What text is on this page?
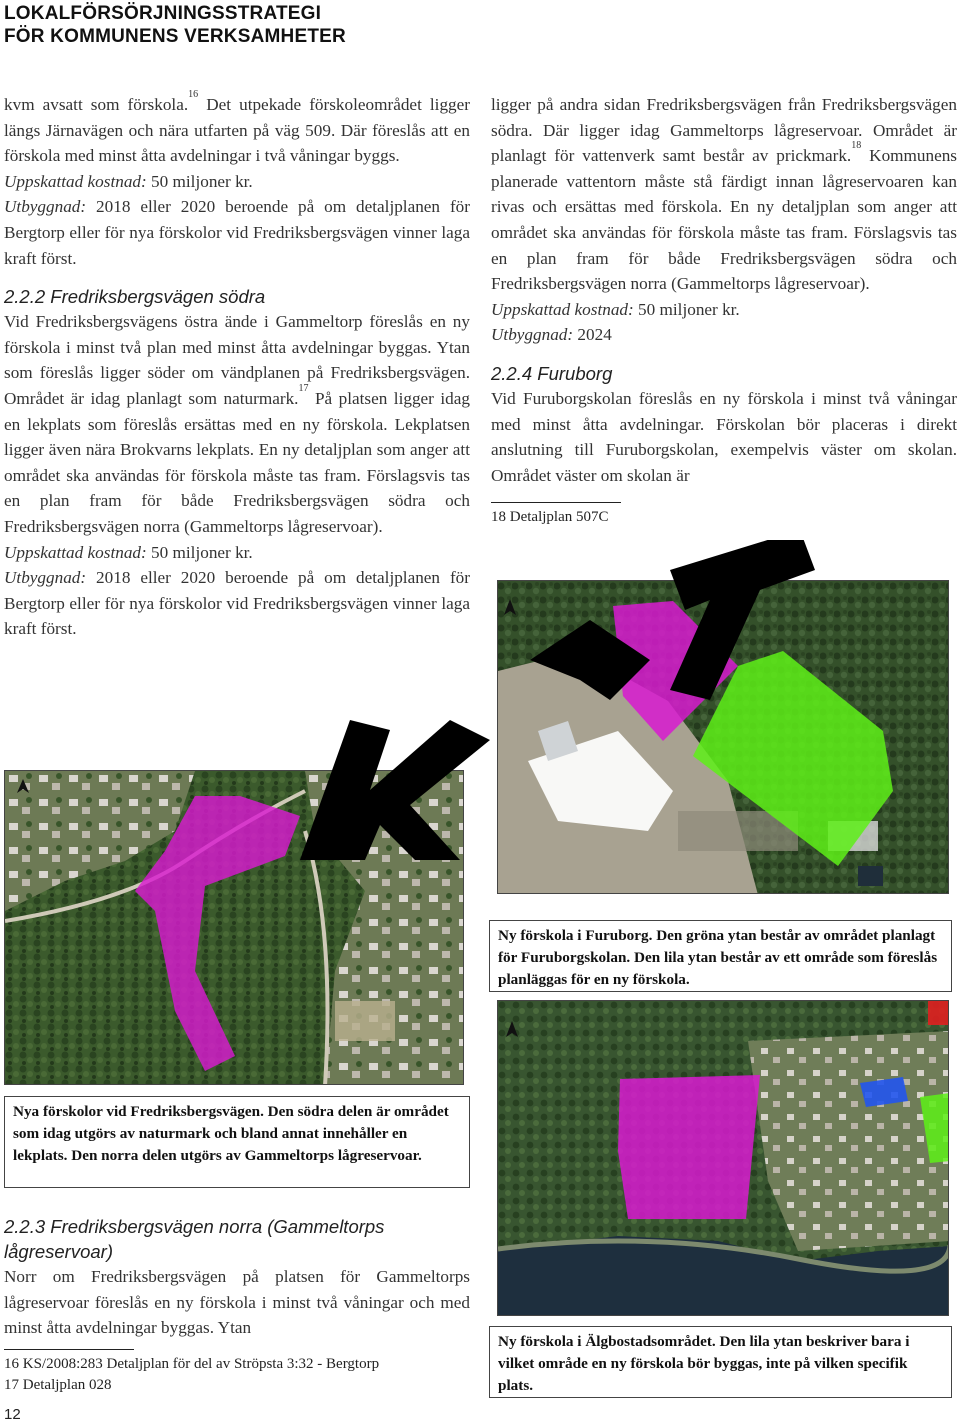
LOKALFÖRSÖRJNINGSSTRATEGI
FÖR KOMMUNENS VERKSAMHETER

kvm avsatt som förskola.$^{16}$ Det utpekade förskoleområdet ligger längs Järnavägen och nära utfarten på väg 509. Där föreslås att en förskola med minst åtta avdelningar i två våningar byggs.

Uppskattad kostnad: 50 miljoner kr.

Utbyggnad: 2018 eller 2020 beroende på om detaljplanen för Bergtorp eller för nya förskolor vid Fredriksbergsvägen vinner laga kraft först.

2.2.2 Fredriksbergsvägen södra

Vid Fredriksbergsvägens östra ände i Gammeltorp föreslås en ny förskola i minst två plan med minst åtta avdelningar byggas. Ytan som föreslås ligger söder om vändplanen på Fredriksbergsvägen. Området är idag planlagt som naturmark.$^{17}$ På platsen ligger idag en lekplats som föreslås ersättas med en ny förskola. Lekplatsen ligger även nära Brokvarns lekplats. En ny detaljplan som anger att området ska användas för förskola måste tas fram. Förslagsvis tas en plan fram för både Fredriksbergsvägen södra och Fredriksbergsvägen norra (Gammeltorps lågreservoar).

Uppskattad kostnad: 50 miljoner kr.

Utbyggnad: 2018 eller 2020 beroende på om detaljplanen för Bergtorp eller för nya förskolor vid Fredriksbergsvägen vinner laga kraft först.

Nya förskolor vid Fredriksbergsvägen. Den södra delen är området som idag utgörs av naturmark och bland annat innehåller en lekplats. Den norra delen utgörs av Gammeltorps lågreservoar.
2.2.3 Fredriksbergsvägen norra (Gammeltorps lågreservoar)

Norr om Fredriksbergsvägen på platsen för Gammeltorps lågreservoar föreslås en ny förskola i minst två våningar och med minst åtta avdelningar byggas. Ytan

16 KS/2008:283 Detaljplan för del av Ströpsta 3:32 - Bergtorp
17 Detaljplan 028
12

ligger på andra sidan Fredriksbergsvägen från Fredriksbergsvägen södra. Där ligger idag Gammeltorps lågreservoar. Området är planlagt för vattenverk samt består av prickmark.$^{18}$ Kommunens planerade vattentorn måste stå färdigt innan lågreservoaren kan rivas och ersättas med förskola. En ny detaljplan som anger att området ska användas för förskola måste tas fram. Förslagsvis tas en plan fram för både Fredriksbergsvägen södra och Fredriksbergsvägen norra (Gammeltorps lågreservoar).

Uppskattad kostnad: 50 miljoner kr.

Utbyggnad: 2024

2.2.4 Furuborg

Vid Furuborgskolan föreslås en ny förskola i minst två våningar med minst åtta avdelningar. Förskolan bör placeras i direkt anslutning till Furuborgskolan, exempelvis väster om skolan. Området väster om skolan är

18 Detaljplan 507C
Ny förskola i Furuborg. Den gröna ytan består av området planlagt för Furuborgskolan. Den lila ytan består av ett område som föreslås planläggas för en ny förskola.
Ny förskola i Älgbostadsområdet. Den lila ytan beskriver bara i vilket område en ny förskola bör byggas, inte på vilken specifik plats.
